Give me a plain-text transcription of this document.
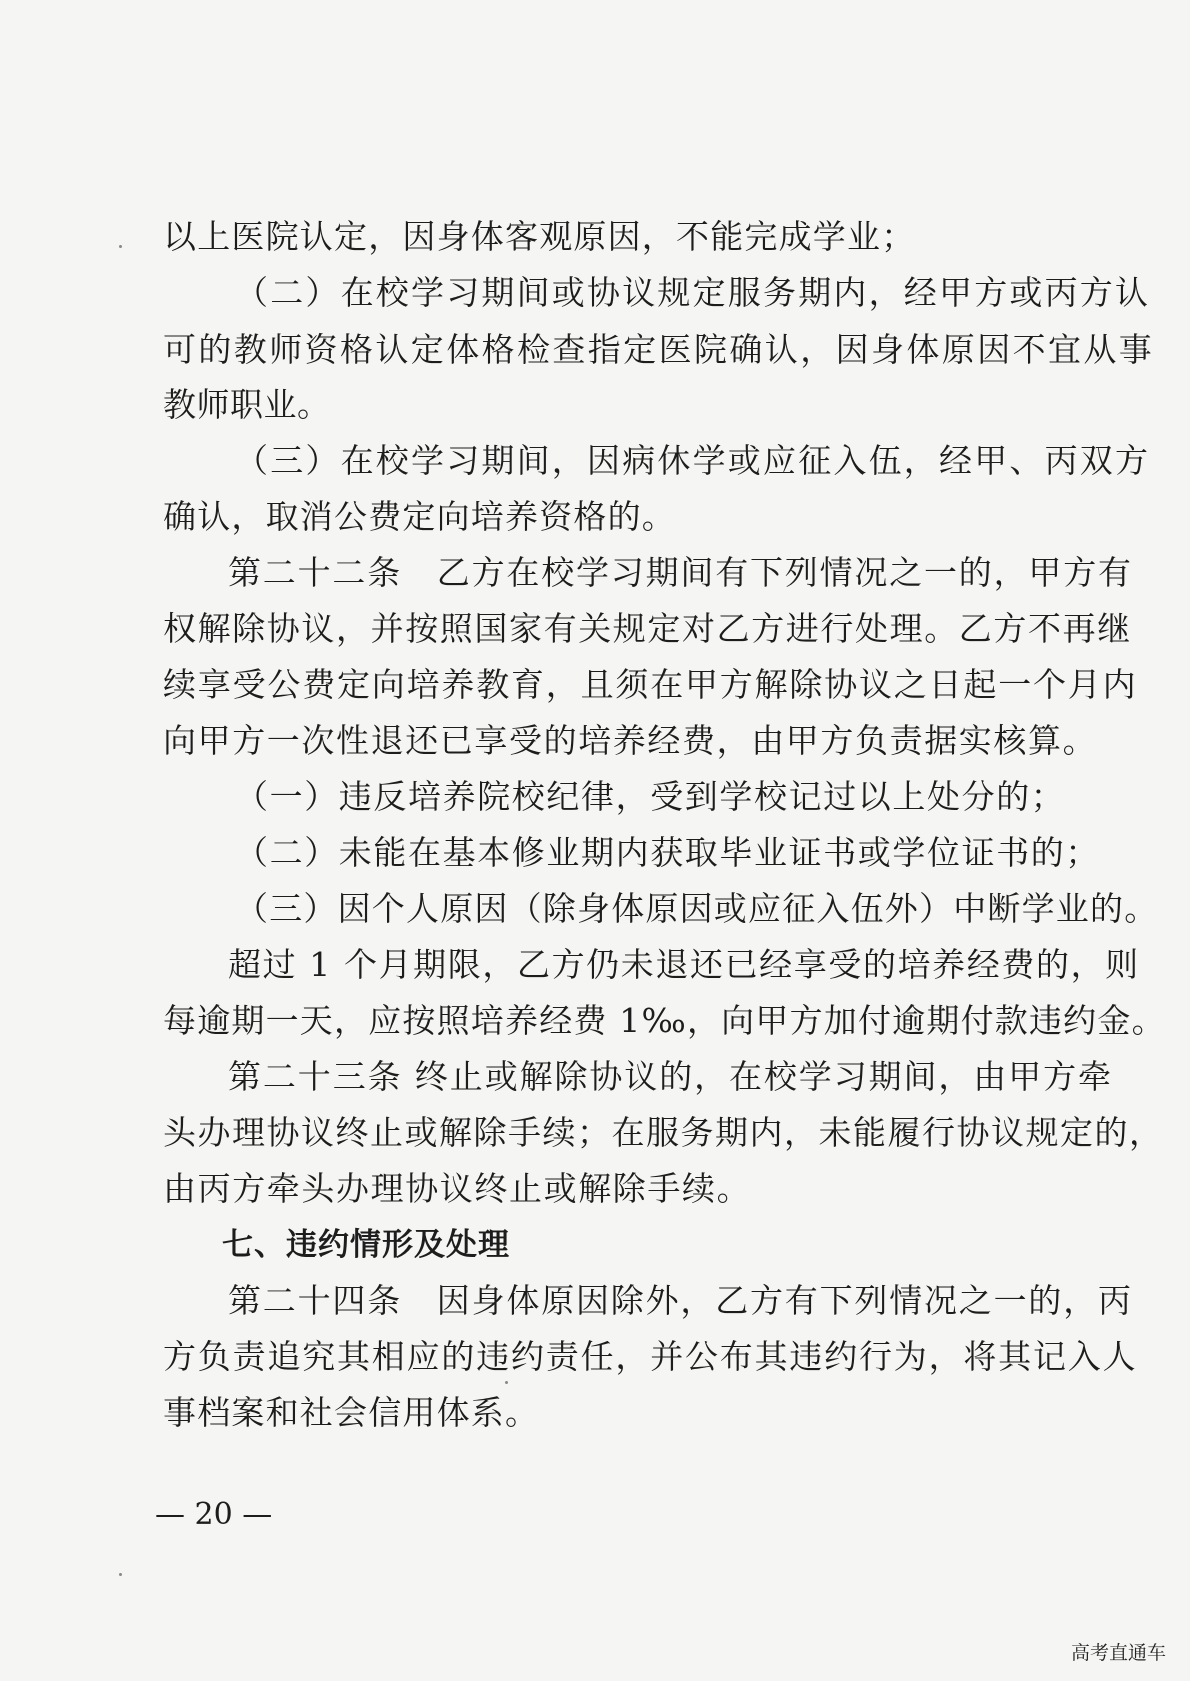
以上医院认定，因身体客观原因，不能完成学业；

（二）在校学习期间或协议规定服务期内，经甲方或丙方认

可的教师资格认定体格检查指定医院确认，因身体原因不宜从事

教师职业。

（三）在校学习期间，因病休学或应征入伍，经甲、丙双方

确认，取消公费定向培养资格的。

第二十二条　乙方在校学习期间有下列情况之一的，甲方有

权解除协议，并按照国家有关规定对乙方进行处理。乙方不再继

续享受公费定向培养教育，且须在甲方解除协议之日起一个月内

向甲方一次性退还已享受的培养经费，由甲方负责据实核算。

（一）违反培养院校纪律，受到学校记过以上处分的；

（二）未能在基本修业期内获取毕业证书或学位证书的；

（三）因个人原因（除身体原因或应征入伍外）中断学业的。

超过 1 个月期限，乙方仍未退还已经享受的培养经费的，则

每逾期一天，应按照培养经费 1‰，向甲方加付逾期付款违约金。

第二十三条 终止或解除协议的，在校学习期间，由甲方牵

头办理协议终止或解除手续；在服务期内，未能履行协议规定的，

由丙方牵头办理协议终止或解除手续。

七、违约情形及处理

第二十四条　因身体原因除外，乙方有下列情况之一的，丙

方负责追究其相应的违约责任，并公布其违约行为，将其记入人

事档案和社会信用体系。

— 20 —
高考直通车
